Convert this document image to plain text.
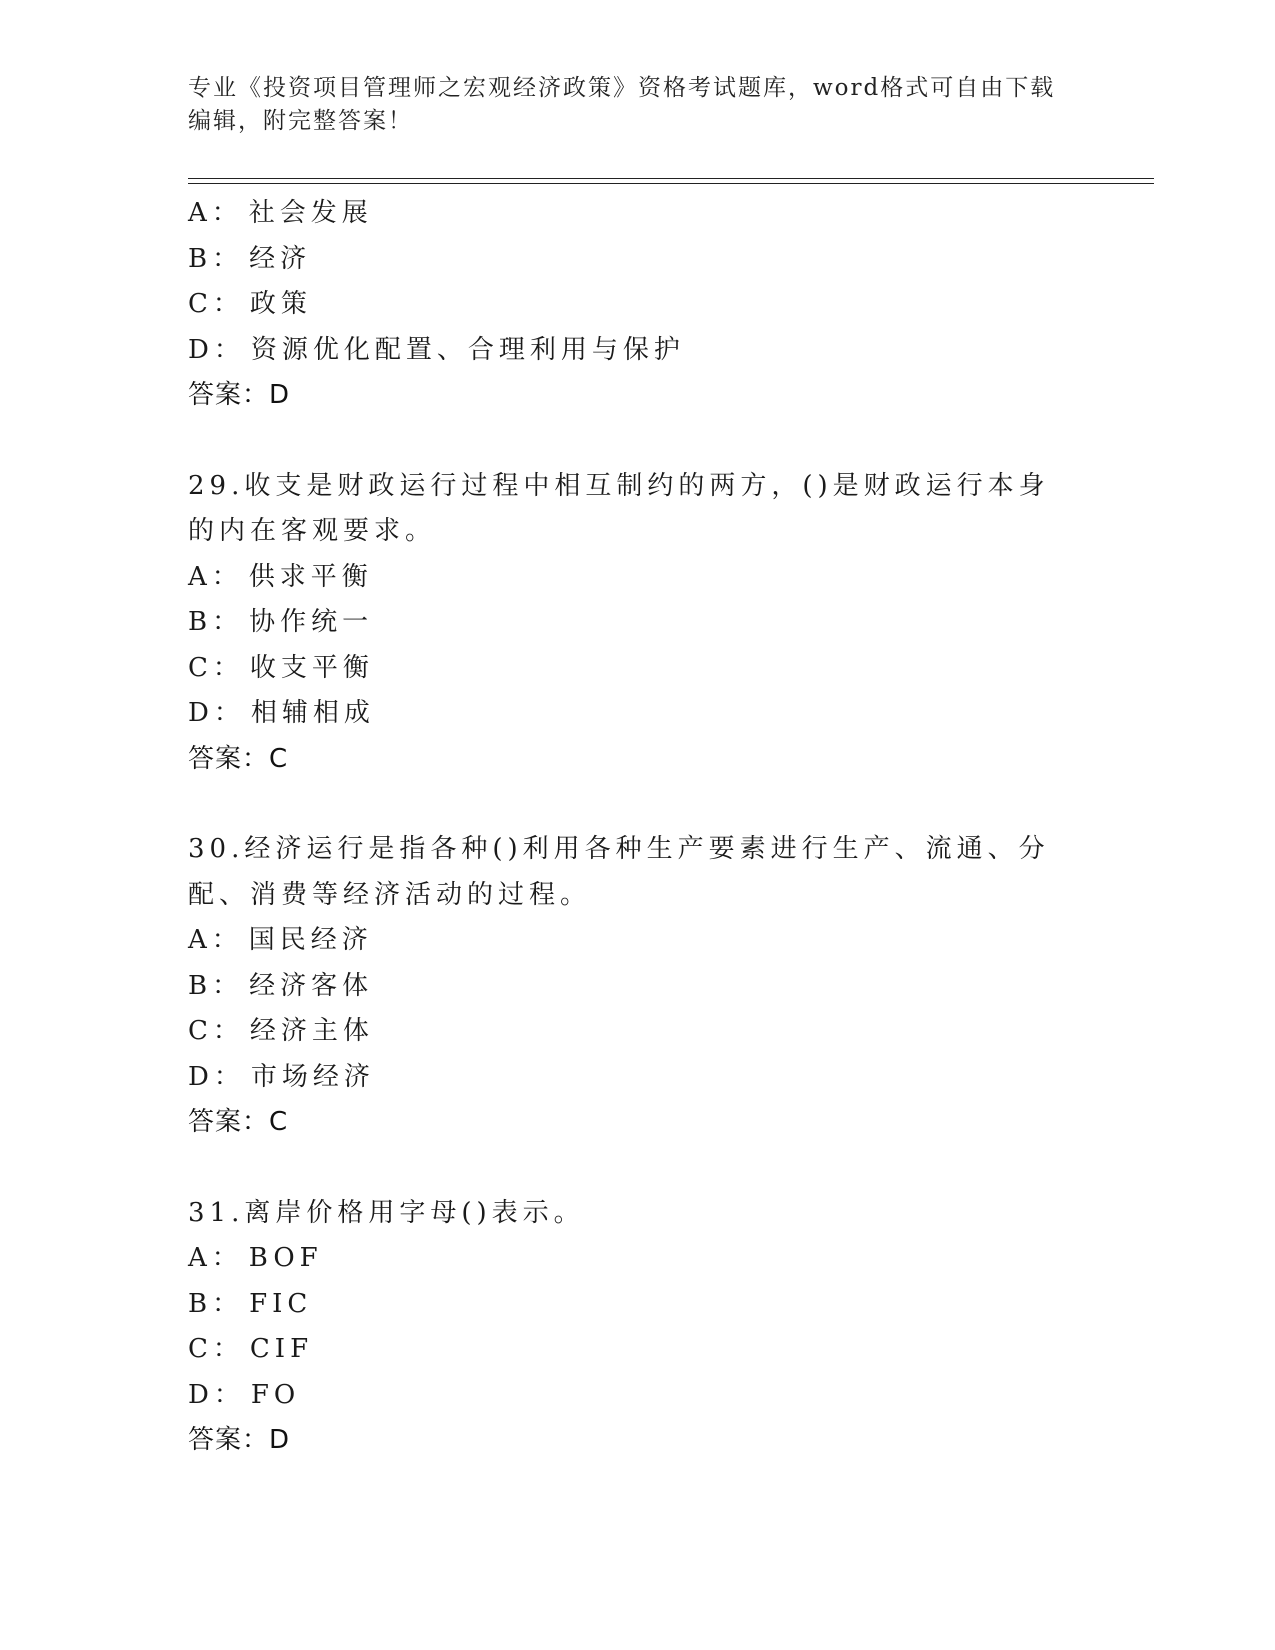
专业《投资项目管理师之宏观经济政策》资格考试题库，word格式可自由下载编辑，附完整答案！
A： 社会发展
B： 经济
C： 政策
D： 资源优化配置、合理利用与保护
答案：D
29.收支是财政运行过程中相互制约的两方，()是财政运行本身的内在客观要求。
A： 供求平衡
B： 协作统一
C： 收支平衡
D： 相辅相成
答案：C
30.经济运行是指各种()利用各种生产要素进行生产、流通、分配、消费等经济活动的过程。
A： 国民经济
B： 经济客体
C： 经济主体
D： 市场经济
答案：C
31.离岸价格用字母()表示。
A： BOF
B： FIC
C： CIF
D： FO
答案：D
